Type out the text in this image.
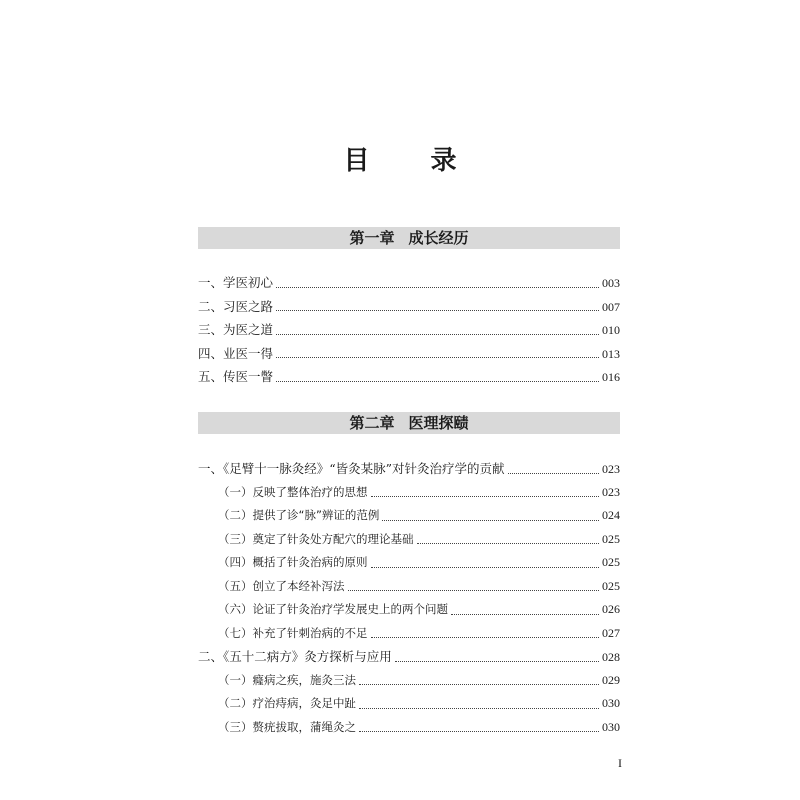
目 录
第一章 成长经历
一、学医初心	003
二、习医之路	007
三、为医之道	010
四、业医一得	013
五、传医一瞥	016
第二章 医理探赜
一、《足臂十一脉灸经》“皆灸某脉”对针灸治疗学的贡献	023
（一）反映了整体治疗的思想	023
（二）提供了诊“脉”辨证的范例	024
（三）奠定了针灸处方配穴的理论基础	025
（四）概括了针灸治病的原则	025
（五）创立了本经补泻法	025
（六）论证了针灸治疗学发展史上的两个问题	026
（七）补充了针刺治病的不足	027
二、《五十二病方》灸方探析与应用	028
（一）癃病之疾，施灸三法	029
（二）疗治痔病，灸足中趾	030
（三）赘疣拔取，蒲绳灸之	030
I
